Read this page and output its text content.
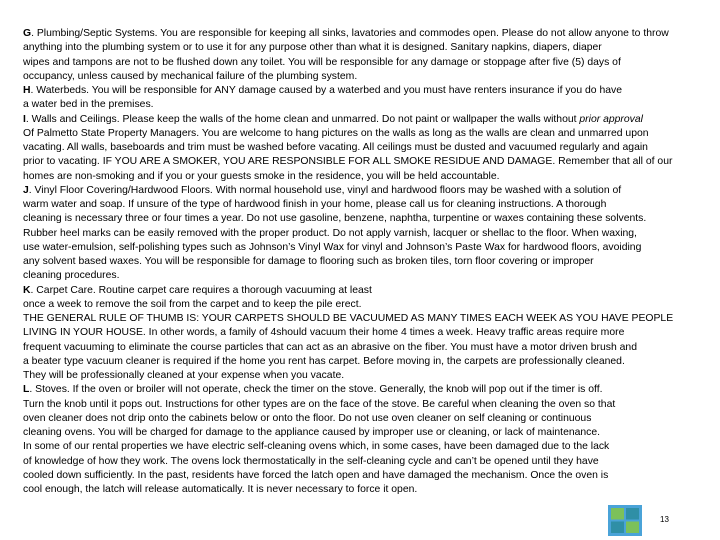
G. Plumbing/Septic Systems. You are responsible for keeping all sinks, lavatories and commodes open. Please do not allow anyone to throw
anything into the plumbing system or to use it for any purpose other than what it is designed. Sanitary napkins, diapers, diaper
wipes and tampons are not to be flushed down any toilet. You will be responsible for any damage or stoppage after five (5) days of
occupancy, unless caused by mechanical failure of the plumbing system.
H. Waterbeds. You will be responsible for ANY damage caused by a waterbed and you must have renters insurance if you do have
a water bed in the premises.
I. Walls and Ceilings. Please keep the walls of the home clean and unmarred. Do not paint or wallpaper the walls without prior approval
Of Palmetto State Property Managers. You are welcome to hang pictures on the walls as long as the walls are clean and unmarred upon
vacating. All walls, baseboards and trim must be washed before vacating. All ceilings must be dusted and vacuumed regularly and again
prior to vacating. IF YOU ARE A SMOKER, YOU ARE RESPONSIBLE FOR ALL SMOKE RESIDUE AND DAMAGE. Remember that all of our
homes are non-smoking and if you or your guests smoke in the residence, you will be held accountable.
J. Vinyl Floor Covering/Hardwood Floors. With normal household use, vinyl and hardwood floors may be washed with a solution of
warm water and soap. If unsure of the type of hardwood finish in your home, please call us for cleaning instructions. A thorough
cleaning is necessary three or four times a year. Do not use gasoline, benzene, naphtha, turpentine or waxes containing these solvents.
Rubber heel marks can be easily removed with the proper product. Do not apply varnish, lacquer or shellac to the floor. When waxing,
use water-emulsion, self-polishing types such as Johnson’s Vinyl Wax for vinyl and Johnson’s Paste Wax for hardwood floors, avoiding
any solvent based waxes. You will be responsible for damage to flooring such as broken tiles, torn floor covering or improper
cleaning procedures.
K. Carpet Care. Routine carpet care requires a thorough vacuuming at least
once a week to remove the soil from the carpet and to keep the pile erect.
THE GENERAL RULE OF THUMB IS: YOUR CARPETS SHOULD BE VACUUMED AS MANY TIMES EACH WEEK AS YOU HAVE PEOPLE
LIVING IN YOUR HOUSE. In other words, a family of 4should vacuum their home 4 times a week. Heavy traffic areas require more
frequent vacuuming to eliminate the course particles that can act as an abrasive on the fiber. You must have a motor driven brush and
a beater type vacuum cleaner is required if the home you rent has carpet. Before moving in, the carpets are professionally cleaned.
They will be professionally cleaned at your expense when you vacate.
L. Stoves. If the oven or broiler will not operate, check the timer on the stove. Generally, the knob will pop out if the timer is off.
Turn the knob until it pops out. Instructions for other types are on the face of the stove. Be careful when cleaning the oven so that
oven cleaner does not drip onto the cabinets below or onto the floor. Do not use oven cleaner on self cleaning or continuous
cleaning ovens. You will be charged for damage to the appliance caused by improper use or cleaning, or lack of maintenance.
In some of our rental properties we have electric self-cleaning ovens which, in some cases, have been damaged due to the lack
of knowledge of how they work. The ovens lock thermostatically in the self-cleaning cycle and can’t be opened until they have
cooled down sufficiently. In the past, residents have forced the latch open and have damaged the mechanism. Once the oven is
cool enough, the latch will release automatically. It is never necessary to force it open.
13
